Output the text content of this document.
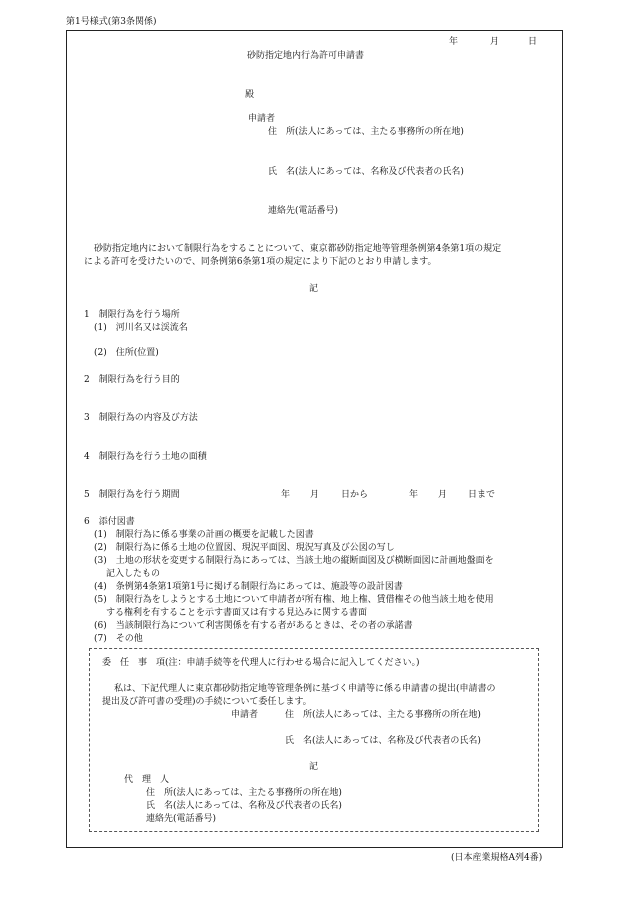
第1号様式(第3条関係)
年	月	日
砂防指定地内行為許可申請書
殿
申請者
住　所(法人にあっては、主たる事務所の所在地)
氏　名(法人にあっては、名称及び代表者の氏名)
連絡先(電話番号)
砂防指定地内において制限行為をすることについて、東京都砂防指定地等管理条例第4条第1項の規定
による許可を受けたいので、同条例第6条第1項の規定により下記のとおり申請します。
記
1　制限行為を行う場所
(1)　河川名又は渓流名
(2)　住所(位置)
2　制限行為を行う目的
3　制限行為の内容及び方法
4　制限行為を行う土地の面積
5　制限行為を行う期間	年 月 日から	年 月 日まで
6　添付図書
(1)　制限行為に係る事業の計画の概要を記載した図書
(2)　制限行為に係る土地の位置図、現況平面図、現況写真及び公図の写し
(3)　土地の形状を変更する制限行為にあっては、当該土地の縦断面図及び横断面図に計画地盤面を
記入したもの
(4)　条例第4条第1項第1号に掲げる制限行為にあっては、施設等の設計図書
(5)　制限行為をしようとする土地について申請者が所有権、地上権、賃借権その他当該土地を使用
する権利を有することを示す書面又は有する見込みに関する書面
(6)　当該制限行為について利害関係を有する者があるときは、その者の承諾書
(7)　その他
委　任　事　項(注：申請手続等を代理人に行わせる場合に記入してください。)
私は、下記代理人に東京都砂防指定地等管理条例に基づく申請等に係る申請書の提出(申請書の
提出及び許可書の受理)の手続について委任します。
申請者	住　所(法人にあっては、主たる事務所の所在地)
氏　名(法人にあっては、名称及び代表者の氏名)
記
代　理　人
住　所(法人にあっては、主たる事務所の所在地)
氏　名(法人にあっては、名称及び代表者の氏名)
連絡先(電話番号)
(日本産業規格A列4番)
